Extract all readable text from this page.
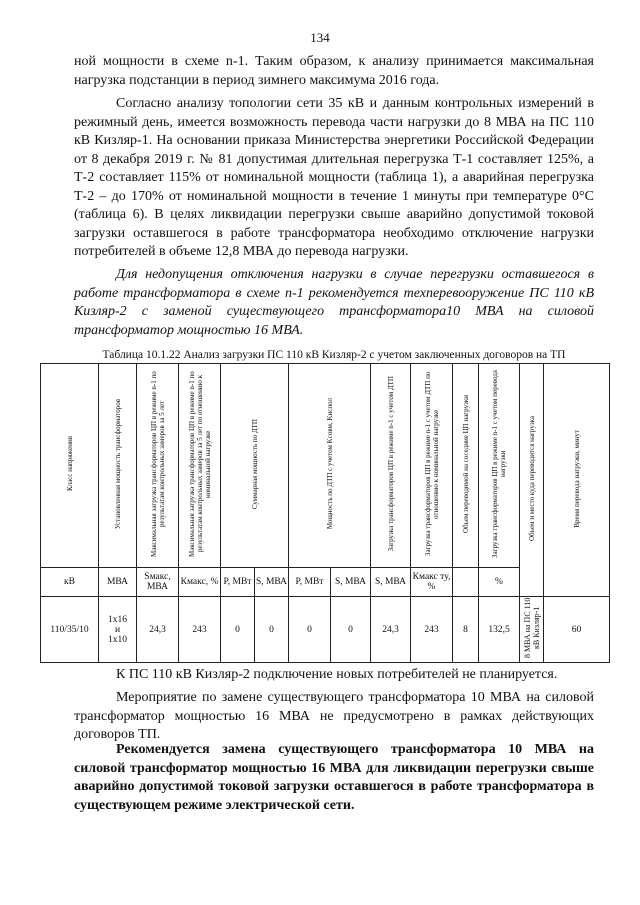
134

ной мощности в схеме n-1. Таким образом, к анализу принимается максимальная нагрузка подстанции в период зимнего максимума 2016 года.

Согласно анализу топологии сети 35 кВ и данным контрольных измерений в режимный день, имеется возможность перевода части нагрузки до 8 МВА на ПС 110 кВ Кизляр-1. На основании приказа Министерства энергетики Российской Федерации от 8 декабря 2019 г. № 81 допустимая длительная перегрузка Т-1 составляет 125%, а Т-2 составляет 115% от номинальной мощности (таблица 1), а аварийная перегрузка Т-2 – до 170% от номинальной мощности в течение 1 минуты при температуре 0°С (таблица 6). В целях ликвидации перегрузки свыше аварийно допустимой токовой загрузки оставшегося в работе трансформатора необходимо отключение нагрузки потребителей в объеме 12,8 МВА до перевода нагрузки.

Для недопущения отключения нагрузки в случае перегрузки оставшегося в работе трансформатора в схеме n-1 рекомендуется техперевооружение ПС 110 кВ Кизляр-2 с заменой существующего трансформатора10 МВА на силовой трансформатор мощностью 16 МВА.

Таблица 10.1.22 Анализ загрузки ПС 110 кВ Кизляр-2 с учетом заключенных договоров на ТП
Класс напряжения	Установленная мощность трансформаторов	Максимальная загрузка трансформаторов ЦП в режиме n-1 по результатам контрольных замеров за 5 лет	Максимальная загрузка трансформаторов ЦП в режиме n-1 по результатам контрольных замеров за 5 лет по отношению к номинальной нагрузке	Суммарная мощность по ДТП		Мощность по ДТП с учетом Kсовм, Kиспол		Загрузка трансформаторов ЦП в режиме n-1 с учетом ДТП	Загрузка трансформаторов ЦП в режиме n-1 с учетом ДТП по отношению к номинальной нагрузке	Объем переводимой на соседние ЦП нагрузки	Загрузка трансформаторов ЦП в режиме n-1 с учетом перевода нагрузки	Объем и место куда переводится нагрузка	Время перевода нагрузки, минут
кВ	МВА	Sмакс, МВА	Кмакс, %	P, МВт	S, МВА	P, МВт	S, МВА	S, МВА	Кмакс ту, %		%		
110/35/10	1х16
и
1х10	24,3	243	0	0	0	0	24,3	243	8	132,5	8 МВА на ПС 110 кВ Кизляр-1	60

К ПС 110 кВ Кизляр-2 подключение новых потребителей не планируется.

Мероприятие по замене существующего трансформатора 10 МВА на силовой трансформатор мощностью 16 МВА не предусмотрено в рамках действующих договоров ТП.

Рекомендуется замена существующего трансформатора 10 МВА на силовой трансформатор мощностью 16 МВА для ликвидации перегрузки свыше аварийно допустимой токовой загрузки оставшегося в работе трансформатора в существующем режиме электрической сети.
